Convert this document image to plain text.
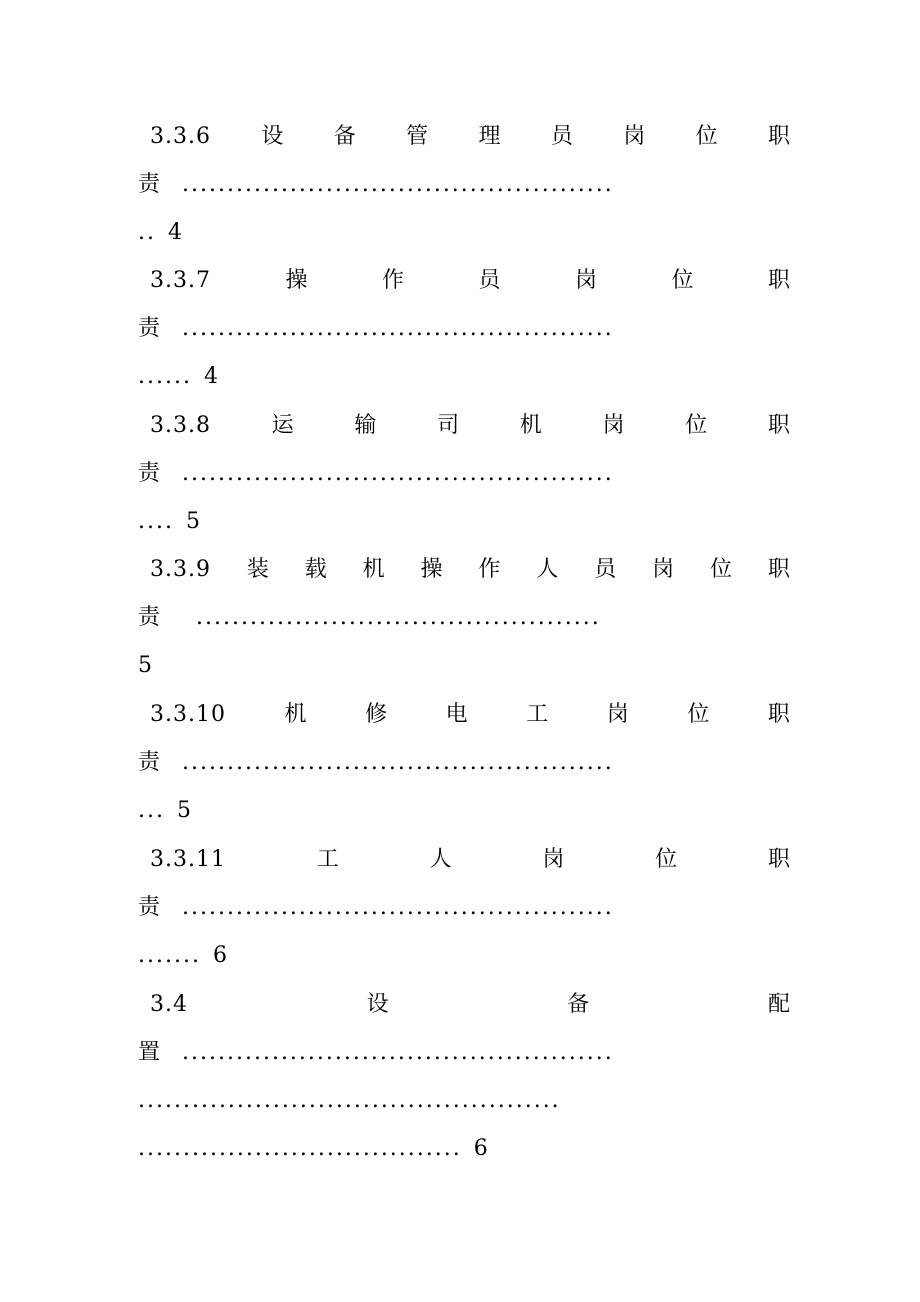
3.3.6 设 备 管 理 员 岗 位 职
责 ................................................
.. 4
3.3.7	操	作	员	岗	位	职
责 ................................................
...... 4
3.3.8	运	输	司	机	岗	位	职
责 ................................................
.... 5
3.3.9 装 载 机 操 作 人 员 岗 位 职
责 .............................................
5
3.3.10	机	修	电	工	岗	位	职
责 ................................................
... 5
3.3.11	工	人	岗	位	职
责 ................................................
....... 6
3.4	设	备	配
置 ................................................
...............................................
.................................... 6
